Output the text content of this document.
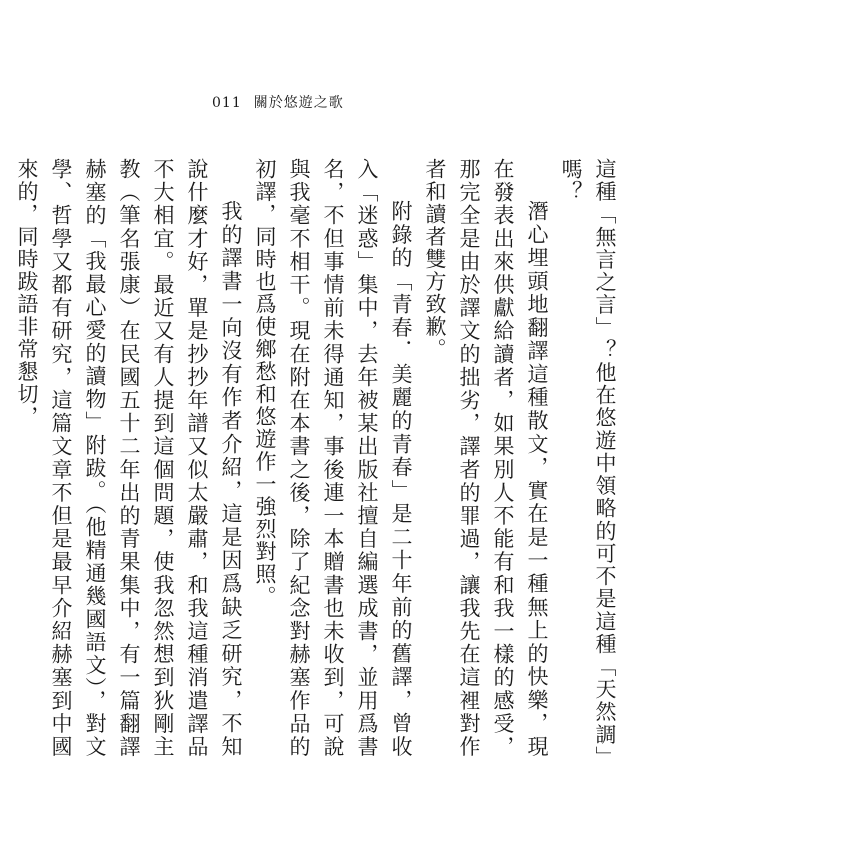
011 關於悠遊之歌

這種「無言之言」？他在悠遊中領略的可不是這種「天然調」嗎？

潛心埋頭地翻譯這種散文，實在是一種無上的快樂，現在發表出來供獻給讀者，如果別人不能有和我一樣的感受，那完全是由於譯文的拙劣，譯者的罪過，讓我先在這裡對作者和讀者雙方致歉。

附錄的「青春．美麗的青春」是二十年前的舊譯，曾收入「迷惑」集中，去年被某出版社擅自編選成書，並用爲書名，不但事情前未得通知，事後連一本贈書也未收到，可說與我毫不相干。現在附在本書之後，除了紀念對赫塞作品的初譯，同時也爲使鄉愁和悠遊作一強烈對照。

我的譯書一向沒有作者介紹，這是因爲缺乏研究，不知說什麼才好，單是抄抄年譜又似太嚴肅，和我這種消遣譯品不大相宜。最近又有人提到這個問題，使我忽然想到狄剛主教（筆名張康）在民國五十二年出的青果集中，有一篇翻譯赫塞的「我最心愛的讀物」附跋。（他精通幾國語文），對文學、哲學又都有研究，這篇文章不但是最早介紹赫塞到中國來的，同時跋語非常懇切，
